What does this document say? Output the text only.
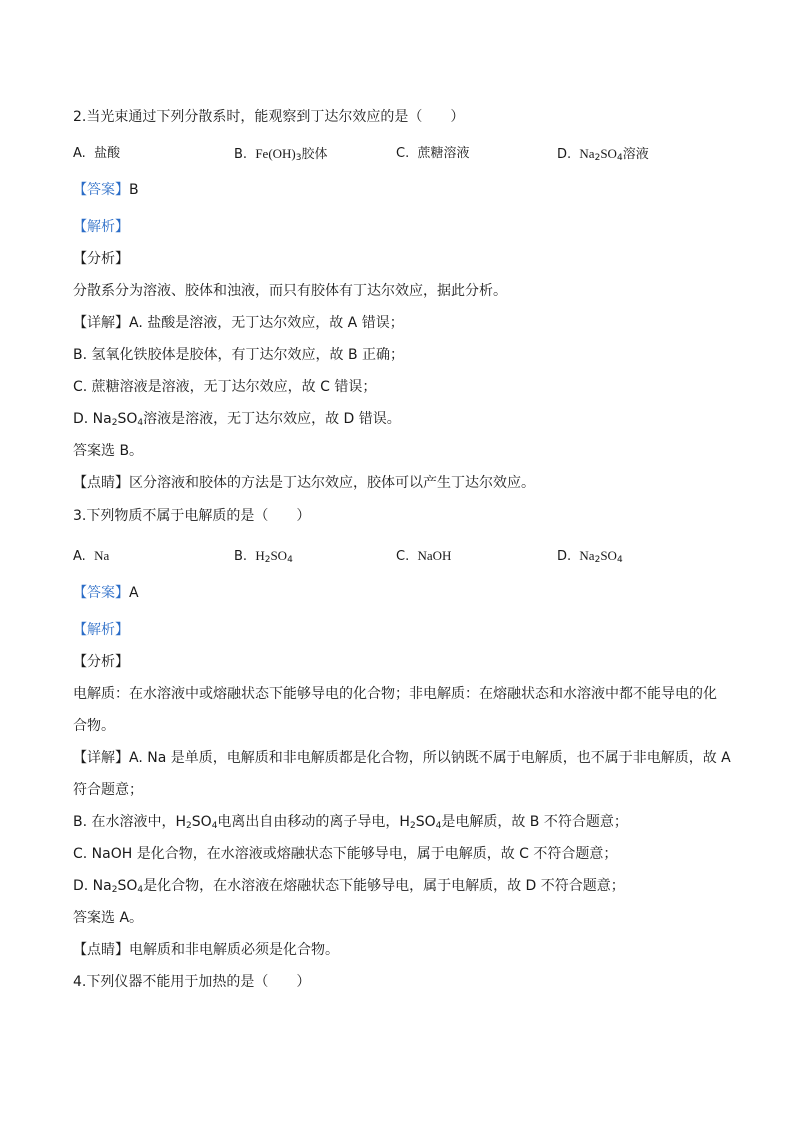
2.当光束通过下列分散系时，能观察到丁达尔效应的是（　　）
A. 盐酸	B. $Fe(OH)_3$胶体	C. 蔗糖溶液	D. $Na_2SO_4$溶液
【答案】B
【解析】
【分析】
分散系分为溶液、胶体和浊液，而只有胶体有丁达尔效应，据此分析。
【详解】A. 盐酸是溶液，无丁达尔效应，故 A 错误；
B. 氢氧化铁胶体是胶体，有丁达尔效应，故 B 正确；
C. 蔗糖溶液是溶液，无丁达尔效应，故 C 错误；
D. $Na_2SO_4$溶液是溶液，无丁达尔效应，故 D 错误。
答案选 B。
【点睛】区分溶液和胶体的方法是丁达尔效应，胶体可以产生丁达尔效应。
3.下列物质不属于电解质的是（　　）
A. Na	B. $H_2SO_4$	C. NaOH	D. $Na_2SO_4$
【答案】A
【解析】
【分析】
电解质：在水溶液中或熔融状态下能够导电的化合物；非电解质：在熔融状态和水溶液中都不能导电的化
合物。
【详解】A. Na 是单质，电解质和非电解质都是化合物，所以钠既不属于电解质，也不属于非电解质，故 A
符合题意；
B. 在水溶液中，$H_2SO_4$电离出自由移动的离子导电，$H_2SO_4$是电解质，故 B 不符合题意；
C. NaOH 是化合物，在水溶液或熔融状态下能够导电，属于电解质，故 C 不符合题意；
D. $Na_2SO_4$是化合物，在水溶液在熔融状态下能够导电，属于电解质，故 D 不符合题意；
答案选 A。
【点睛】电解质和非电解质必须是化合物。
4.下列仪器不能用于加热的是（　　）
